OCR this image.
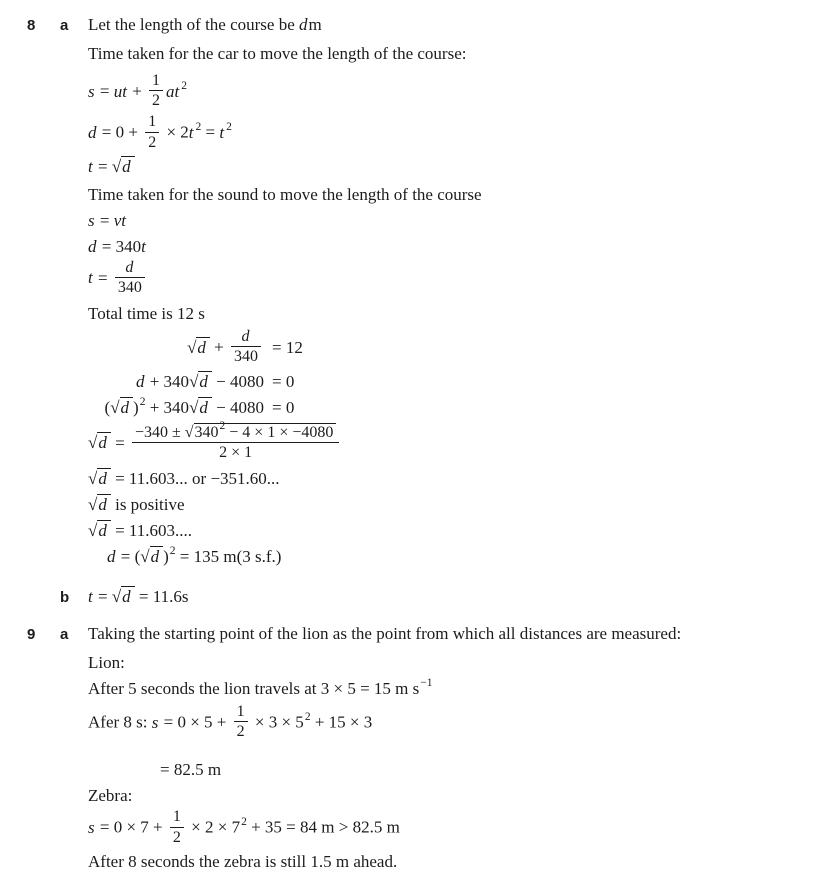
8	a	Let the length of the course be dm
Time taken for the car to move the length of the course:
s = ut + $\frac{1}{2}$ at $^2$
$d = 0 + \frac{1}{2} \times 2t$ $^2$ = t $^2$
t = √d
Time taken for the sound to move the length of the course
s = vt
d = 340t
$t = \frac{d}{340}$
Total time is 12 s
$√d + \frac{d}{340} = 12$
d + 340√d − 4080 = 0
(√d )$^2$ + 340√d − 4080 = 0
$√d = \frac{-340 \pm √340^2 - 4 \times 1 \times -4080}{2 \times 1}$
√d = 11.603... or −351.60...
√d is positive
√d = 11.603....
d = (√d )$^2$ = 135 m(3 s.f.)
b	t = √d = 11.6s
9	a	Taking the starting point of the lion as the point from which all distances are measured:
Lion:
After 5 seconds the lion travels at 3 × 5 = 15 m $s^{-1}$
Afer 8 s: $s = 0 \times 5 + \frac{1}{2} \times 3 \times 5^2 + 15 \times 3$
= 82.5 m
Zebra:
$s = 0 \times 7 + \frac{1}{2} \times 2 \times 7^2 + 35 = 84$ m > 82.5 m
After 8 seconds the zebra is still 1.5 m ahead.
